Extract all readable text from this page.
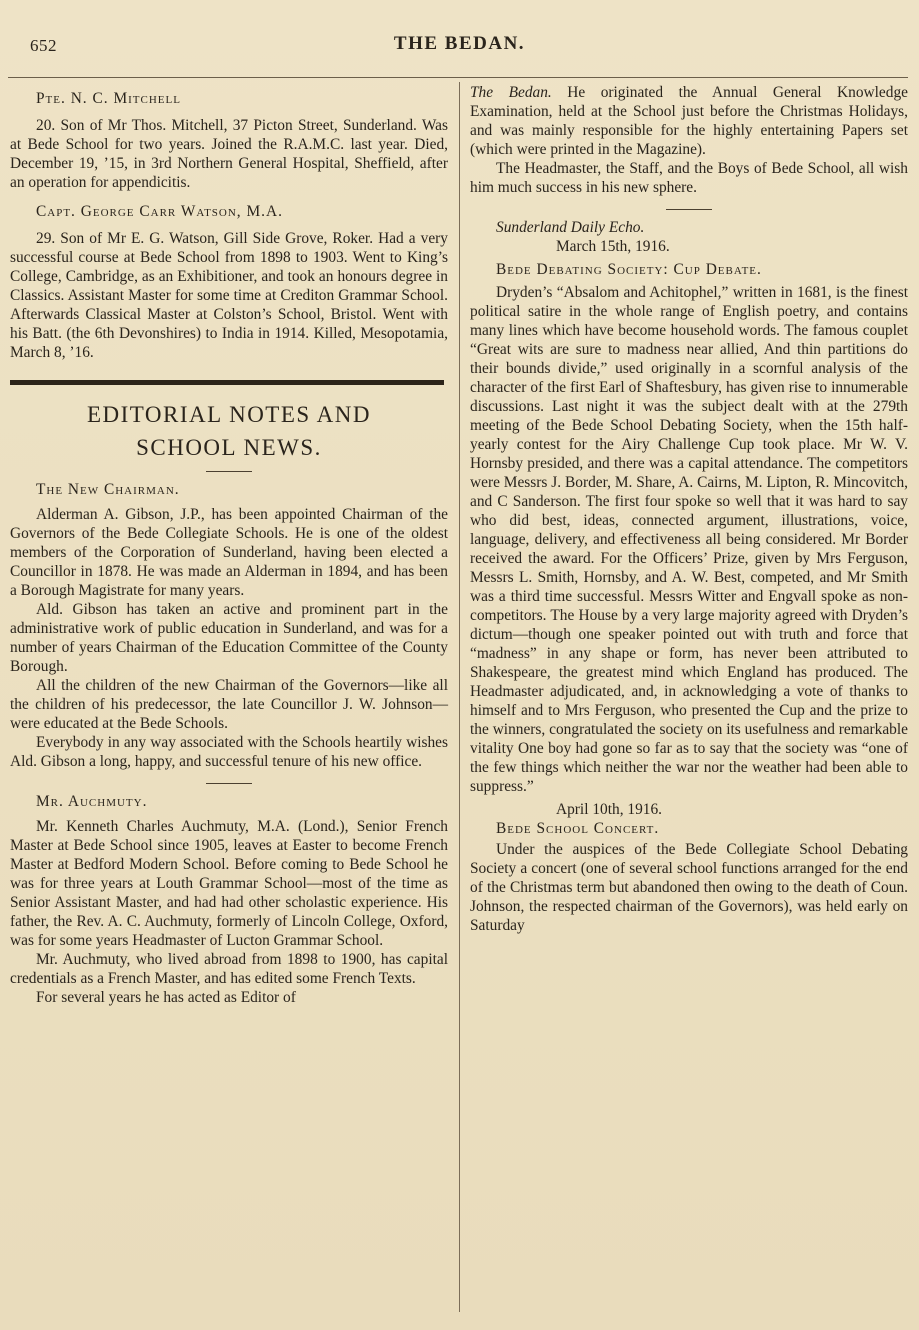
652	THE BEDAN.

Pte. N. C. Mitchell

20. Son of Mr Thos. Mitchell, 37 Picton Street, Sunderland. Was at Bede School for two years. Joined the R.A.M.C. last year. Died, December 19, ’15, in 3rd Northern General Hospital, Sheffield, after an operation for appendicitis.

Capt. George Carr Watson, M.A.

29. Son of Mr E. G. Watson, Gill Side Grove, Roker. Had a very successful course at Bede School from 1898 to 1903. Went to King’s College, Cambridge, as an Exhibitioner, and took an honours degree in Classics. Assistant Master for some time at Crediton Grammar School. Afterwards Classical Master at Colston’s School, Bristol. Went with his Batt. (the 6th Devonshires) to India in 1914. Killed, Mesopotamia, March 8, ’16.

EDITORIAL NOTES AND
SCHOOL NEWS.

The New Chairman.

Alderman A. Gibson, J.P., has been appointed Chairman of the Governors of the Bede Collegiate Schools. He is one of the oldest members of the Corporation of Sunderland, having been elected a Councillor in 1878. He was made an Alderman in 1894, and has been a Borough Magistrate for many years.

Ald. Gibson has taken an active and prominent part in the administrative work of public education in Sunderland, and was for a number of years Chairman of the Education Committee of the County Borough.

All the children of the new Chairman of the Governors—like all the children of his predecessor, the late Councillor J. W. Johnson—were educated at the Bede Schools.

Everybody in any way associated with the Schools heartily wishes Ald. Gibson a long, happy, and successful tenure of his new office.

Mr. Auchmuty.

Mr. Kenneth Charles Auchmuty, M.A. (Lond.), Senior French Master at Bede School since 1905, leaves at Easter to become French Master at Bedford Modern School. Before coming to Bede School he was for three years at Louth Grammar School—most of the time as Senior Assistant Master, and had had other scholastic experience. His father, the Rev. A. C. Auchmuty, formerly of Lincoln College, Oxford, was for some years Headmaster of Lucton Grammar School.

Mr. Auchmuty, who lived abroad from 1898 to 1900, has capital credentials as a French Master, and has edited some French Texts.

For several years he has acted as Editor of

The Bedan. He originated the Annual General Knowledge Examination, held at the School just before the Christmas Holidays, and was mainly responsible for the highly entertaining Papers set (which were printed in the Magazine).

The Headmaster, the Staff, and the Boys of Bede School, all wish him much success in his new sphere.

Sunderland Daily Echo.

March 15th, 1916.

Bede Debating Society: Cup Debate.

Dryden’s “Absalom and Achitophel,” written in 1681, is the finest political satire in the whole range of English poetry, and contains many lines which have become household words. The famous couplet “Great wits are sure to madness near allied, And thin partitions do their bounds divide,” used originally in a scornful analysis of the character of the first Earl of Shaftesbury, has given rise to innumerable discussions. Last night it was the subject dealt with at the 279th meeting of the Bede School Debating Society, when the 15th half-yearly contest for the Airy Challenge Cup took place. Mr W. V. Hornsby presided, and there was a capital attendance. The competitors were Messrs J. Border, M. Share, A. Cairns, M. Lipton, R. Mincovitch, and C Sanderson. The first four spoke so well that it was hard to say who did best, ideas, connected argument, illustrations, voice, language, delivery, and effectiveness all being considered. Mr Border received the award. For the Officers’ Prize, given by Mrs Ferguson, Messrs L. Smith, Hornsby, and A. W. Best, competed, and Mr Smith was a third time successful. Messrs Witter and Engvall spoke as non-competitors. The House by a very large majority agreed with Dryden’s dictum—though one speaker pointed out with truth and force that “madness” in any shape or form, has never been attributed to Shakespeare, the greatest mind which England has produced. The Headmaster adjudicated, and, in acknowledging a vote of thanks to himself and to Mrs Ferguson, who presented the Cup and the prize to the winners, congratulated the society on its usefulness and remarkable vitality One boy had gone so far as to say that the society was “one of the few things which neither the war nor the weather had been able to suppress.”

April 10th, 1916.

Bede School Concert.

Under the auspices of the Bede Collegiate School Debating Society a concert (one of several school functions arranged for the end of the Christmas term but abandoned then owing to the death of Coun. Johnson, the respected chairman of the Governors), was held early on Saturday
